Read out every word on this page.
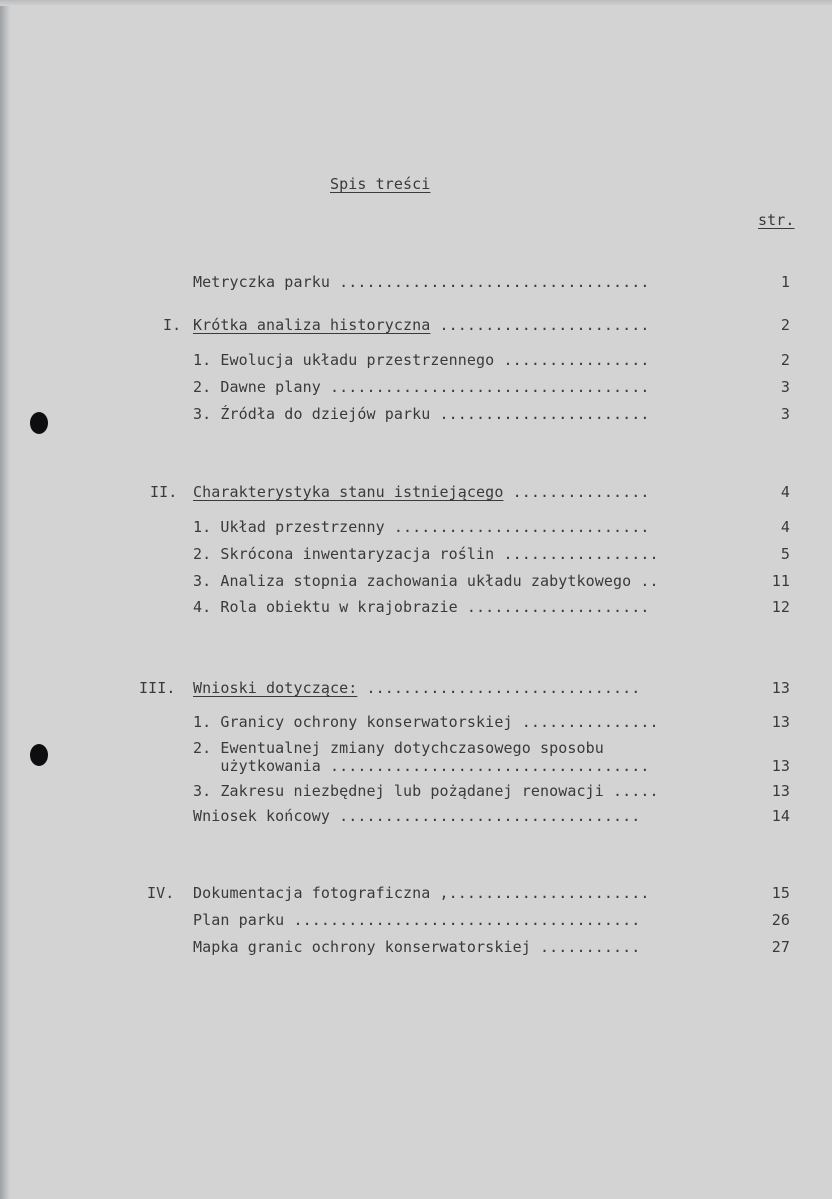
Spis treści
str.
Metryczka parku ..................................	1
I. Krótka analiza historyczna .......................	2
1. Ewolucja układu przestrzennego ................	2
2. Dawne plany ...................................	3
3. Źródła do dziejów parku .......................	3
II. Charakterystyka stanu istniejącego ...............	4
1. Układ przestrzenny ............................	4
2. Skrócona inwentaryzacja roślin .................	5
3. Analiza stopnia zachowania układu zabytkowego ..	11
4. Rola obiektu w krajobrazie ....................	12
III. Wnioski dotyczące: ..............................	13
1. Granicy ochrony konserwatorskiej ...............	13
2. Ewentualnej zmiany dotychczasowego sposobu
użytkowania ...................................	13
3. Zakresu niezbędnej lub pożądanej renowacji .....	13
Wniosek końcowy .................................	14
IV. Dokumentacja fotograficzna ,......................	15
Plan parku ......................................	26
Mapka granic ochrony konserwatorskiej ...........	27
